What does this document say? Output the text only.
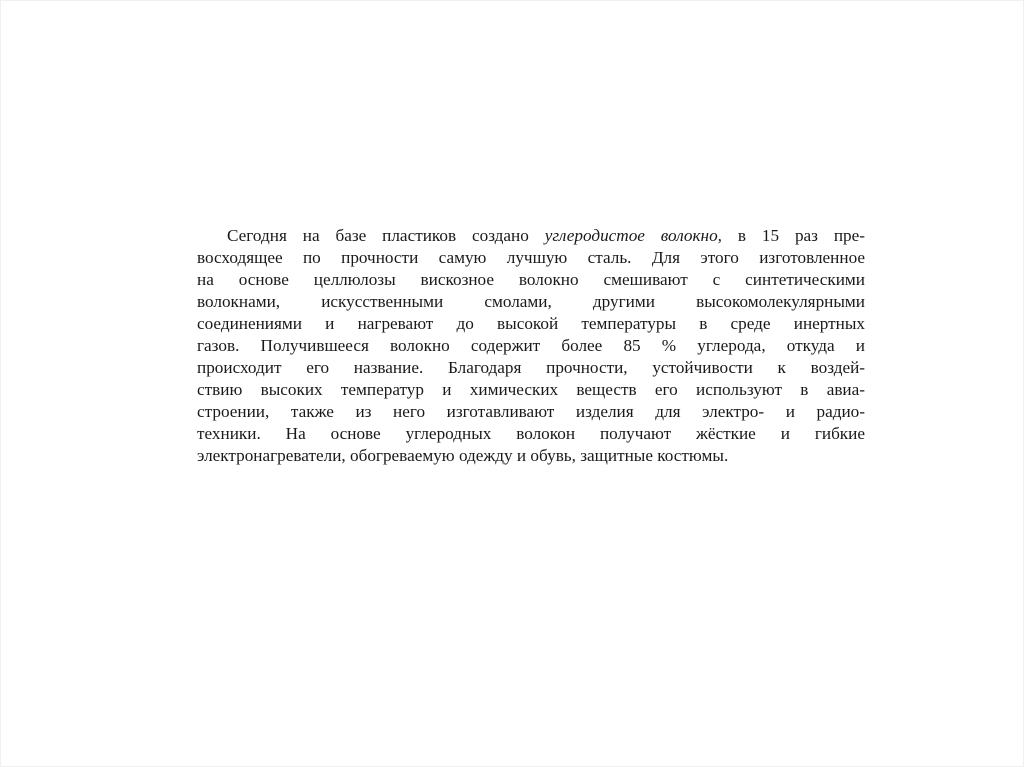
Сегодня на базе пластиков создано углеродистое волокно, в 15 раз пре-
восходящее по прочности самую лучшую сталь. Для этого изготовленное
на основе целлюлозы вискозное волокно смешивают с синтетическими
волокнами, искусственными смолами, другими высокомолекулярными
соединениями и нагревают до высокой температуры в среде инертных
газов. Получившееся волокно содержит более 85 % углерода, откуда и
происходит его название. Благодаря прочности, устойчивости к воздей-
ствию высоких температур и химических веществ его используют в авиа-
строении, также из него изготавливают изделия для электро- и радио-
техники. На основе углеродных волокон получают жёсткие и гибкие
электронагреватели, обогреваемую одежду и обувь, защитные костюмы.
